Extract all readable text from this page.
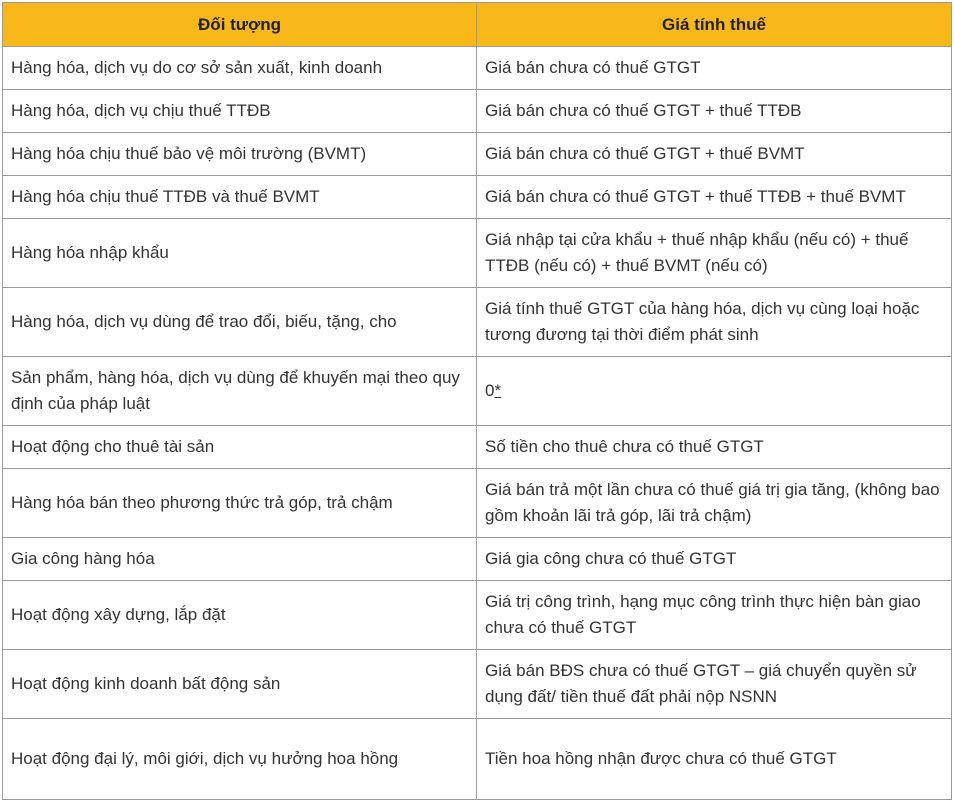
Đối tượng	Giá tính thuế
Hàng hóa, dịch vụ do cơ sở sản xuất, kinh doanh	Giá bán chưa có thuế GTGT
Hàng hóa, dịch vụ chịu thuế TTĐB	Giá bán chưa có thuế GTGT + thuế TTĐB
Hàng hóa chịu thuế bảo vệ môi trường (BVMT)	Giá bán chưa có thuế GTGT + thuế BVMT
Hàng hóa chịu thuế TTĐB và thuế BVMT	Giá bán chưa có thuế GTGT + thuế TTĐB + thuế BVMT
Hàng hóa nhập khẩu	Giá nhập tại cửa khẩu + thuế nhập khẩu (nếu có) + thuế TTĐB (nếu có) + thuế BVMT (nếu có)
Hàng hóa, dịch vụ dùng để trao đổi, biếu, tặng, cho	Giá tính thuế GTGT của hàng hóa, dịch vụ cùng loại hoặc tương đương tại thời điểm phát sinh
Sản phẩm, hàng hóa, dịch vụ dùng để khuyến mại theo quy định của pháp luật	0*
Hoạt động cho thuê tài sản	Số tiền cho thuê chưa có thuế GTGT
Hàng hóa bán theo phương thức trả góp, trả chậm	Giá bán trả một lần chưa có thuế giá trị gia tăng, (không bao gồm khoản lãi trả góp, lãi trả chậm)
Gia công hàng hóa	Giá gia công chưa có thuế GTGT
Hoạt động xây dựng, lắp đặt	Giá trị công trình, hạng mục công trình thực hiện bàn giao chưa có thuế GTGT
Hoạt động kinh doanh bất động sản	Giá bán BĐS chưa có thuế GTGT – giá chuyển quyền sử dụng đất/ tiền thuế đất phải nộp NSNN
Hoạt động đại lý, môi giới, dịch vụ hưởng hoa hồng	Tiền hoa hồng nhận được chưa có thuế GTGT
